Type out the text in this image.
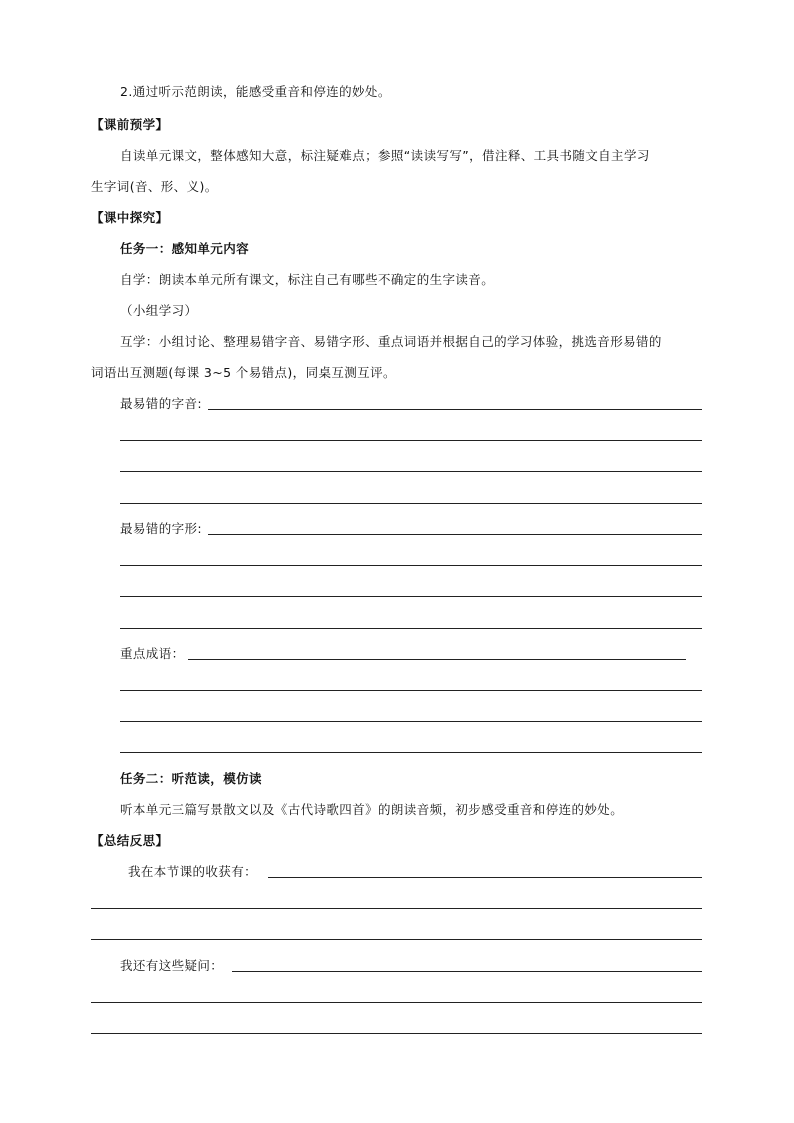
2.通过听示范朗读，能感受重音和停连的妙处。
【课前预学】
自读单元课文，整体感知大意，标注疑难点；参照“读读写写”，借注释、工具书随文自主学习
生字词(音、形、义)。
【课中探究】
任务一：感知单元内容
自学：朗读本单元所有课文，标注自己有哪些不确定的生字读音。
（小组学习）
互学：小组讨论、整理易错字音、易错字形、重点词语并根据自己的学习体验，挑选音形易错的
词语出互测题(每课 3~5 个易错点)，同桌互测互评。
最易错的字音:
最易错的字形:
重点成语：
任务二：听范读，模仿读
听本单元三篇写景散文以及《古代诗歌四首》的朗读音频，初步感受重音和停连的妙处。
【总结反思】
我在本节课的收获有：
我还有这些疑问：
